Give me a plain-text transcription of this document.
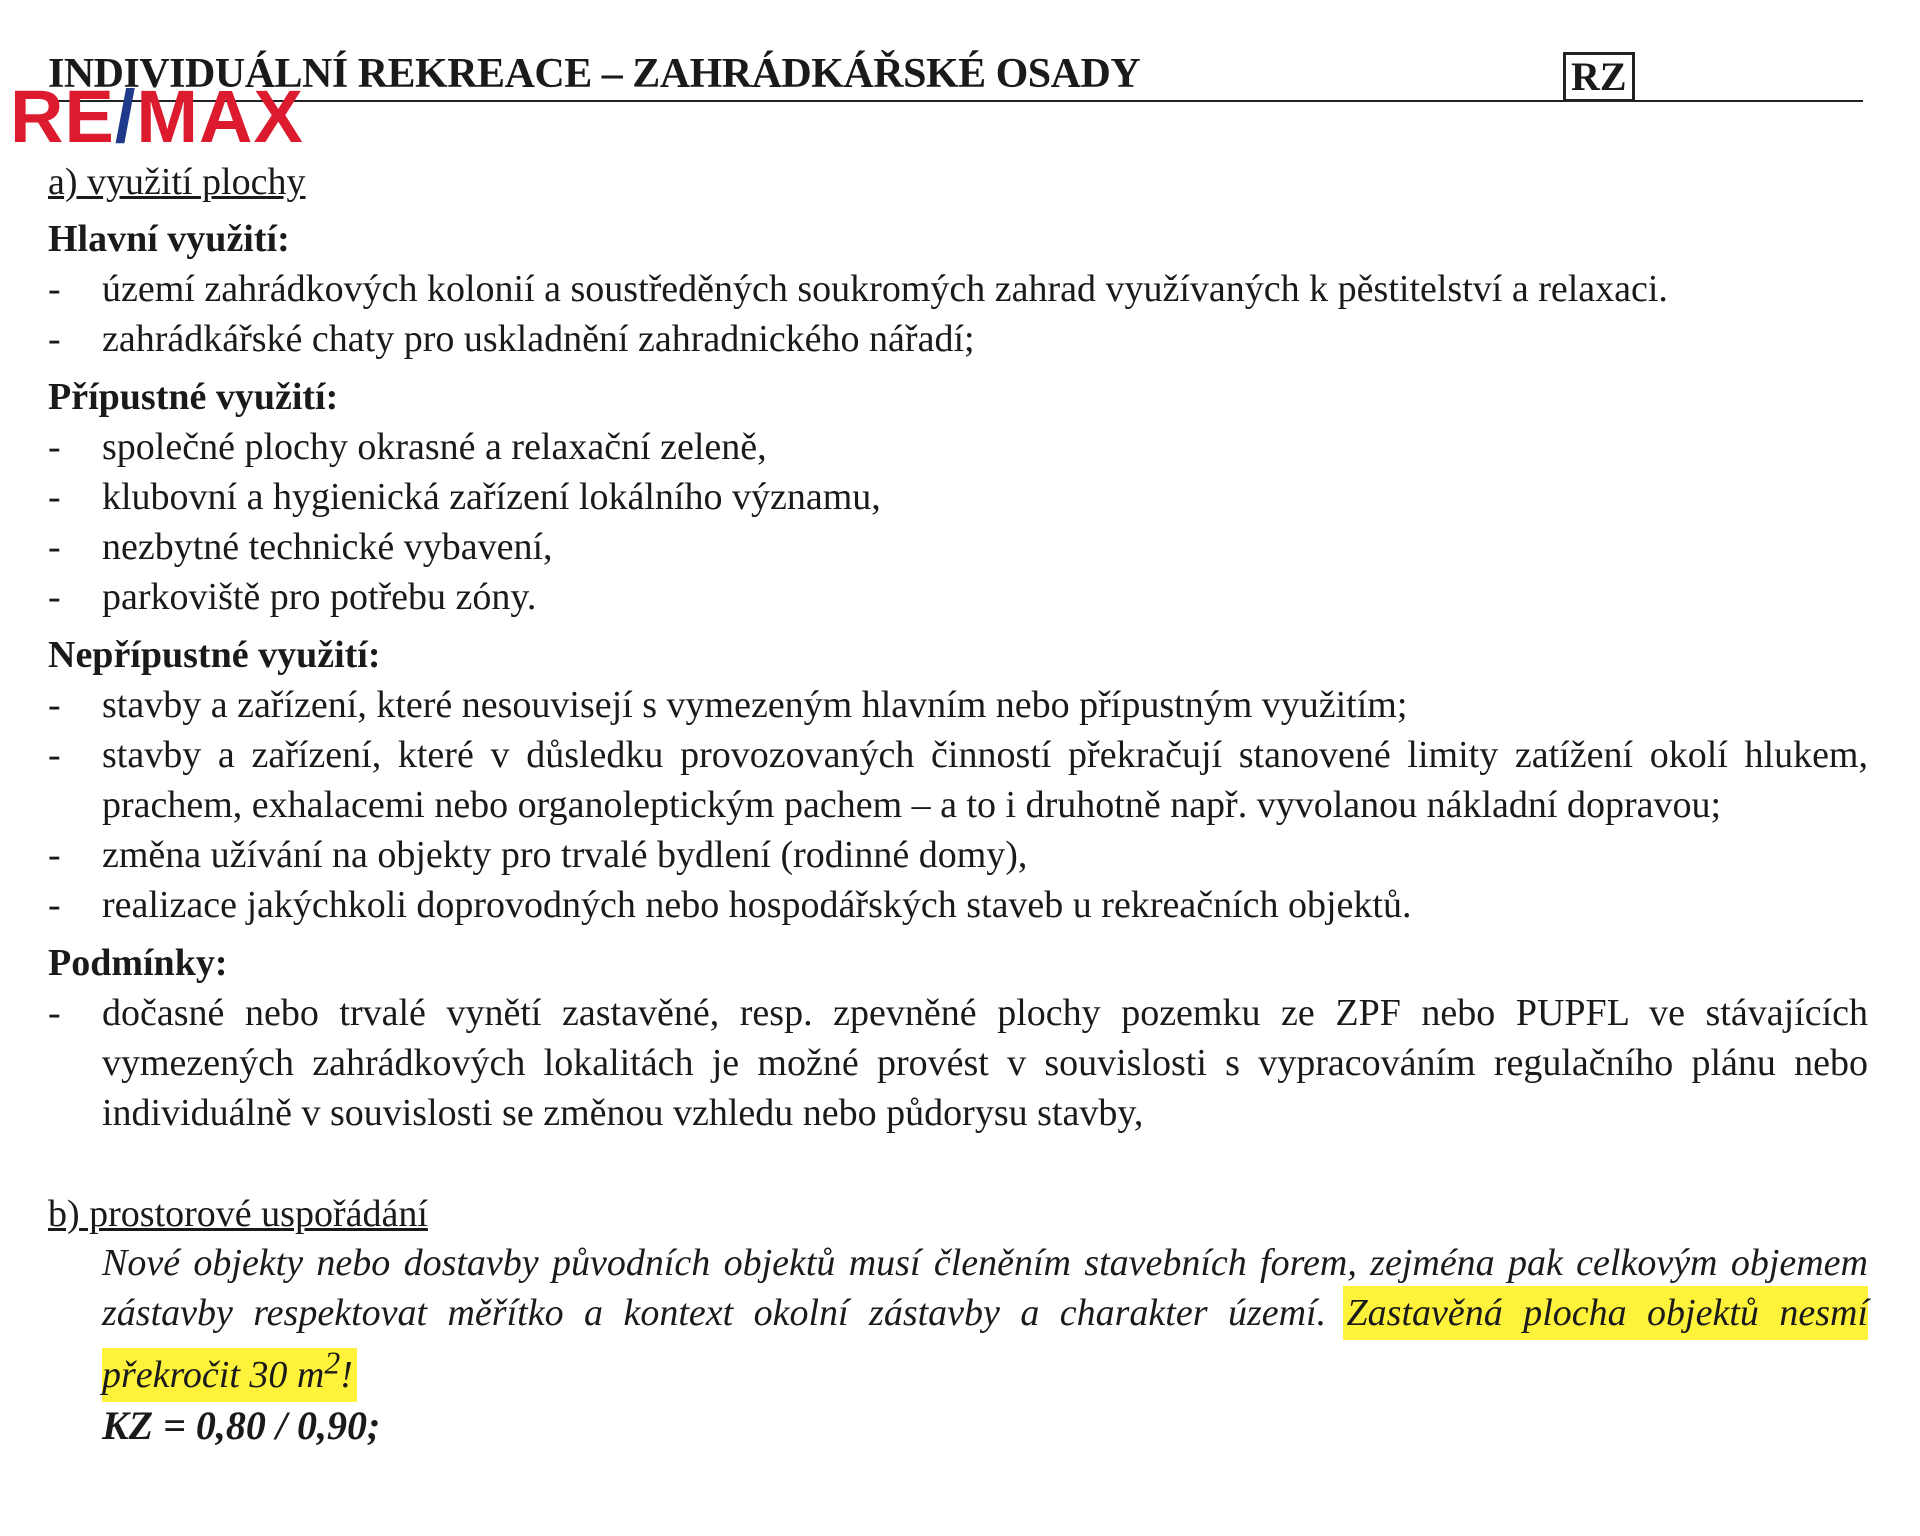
RE/MAX
INDIVIDUÁLNÍ REKREACE – ZAHRÁDKÁŘSKÉ OSADY	RZ

a) využití plochy

Hlavní využití:

- území zahrádkových kolonií a soustředěných soukromých zahrad využívaných k pěstitelství a relaxaci.
- zahrádkářské chaty pro uskladnění zahradnického nářadí;

Přípustné využití:

- společné plochy okrasné a relaxační zeleně,
- klubovní a hygienická zařízení lokálního významu,
- nezbytné technické vybavení,
- parkoviště pro potřebu zóny.

Nepřípustné využití:

- stavby a zařízení, které nesouvisejí s vymezeným hlavním nebo přípustným využitím;
- stavby a zařízení, které v důsledku provozovaných činností překračují stanovené limity zatížení okolí hlukem, prachem, exhalacemi nebo organoleptickým pachem – a to i druhotně např. vyvolanou nákladní dopravou;
- změna užívání na objekty pro trvalé bydlení (rodinné domy),
- realizace jakýchkoli doprovodných nebo hospodářských staveb u rekreačních objektů.

Podmínky:

- dočasné nebo trvalé vynětí zastavěné, resp. zpevněné plochy pozemku ze ZPF nebo PUPFL ve stávajících vymezených zahrádkových lokalitách je možné provést v souvislosti s vypracováním regulačního plánu nebo individuálně v souvislosti se změnou vzhledu nebo půdorysu stavby,

b) prostorové uspořádání

Nové objekty nebo dostavby původních objektů musí členěním stavebních forem, zejména pak celkovým objemem zástavby respektovat měřítko a kontext okolní zástavby a charakter území. Zastavěná plocha objektů nesmí překročit 30 $m^2$!
KZ = 0,80 / 0,90;
